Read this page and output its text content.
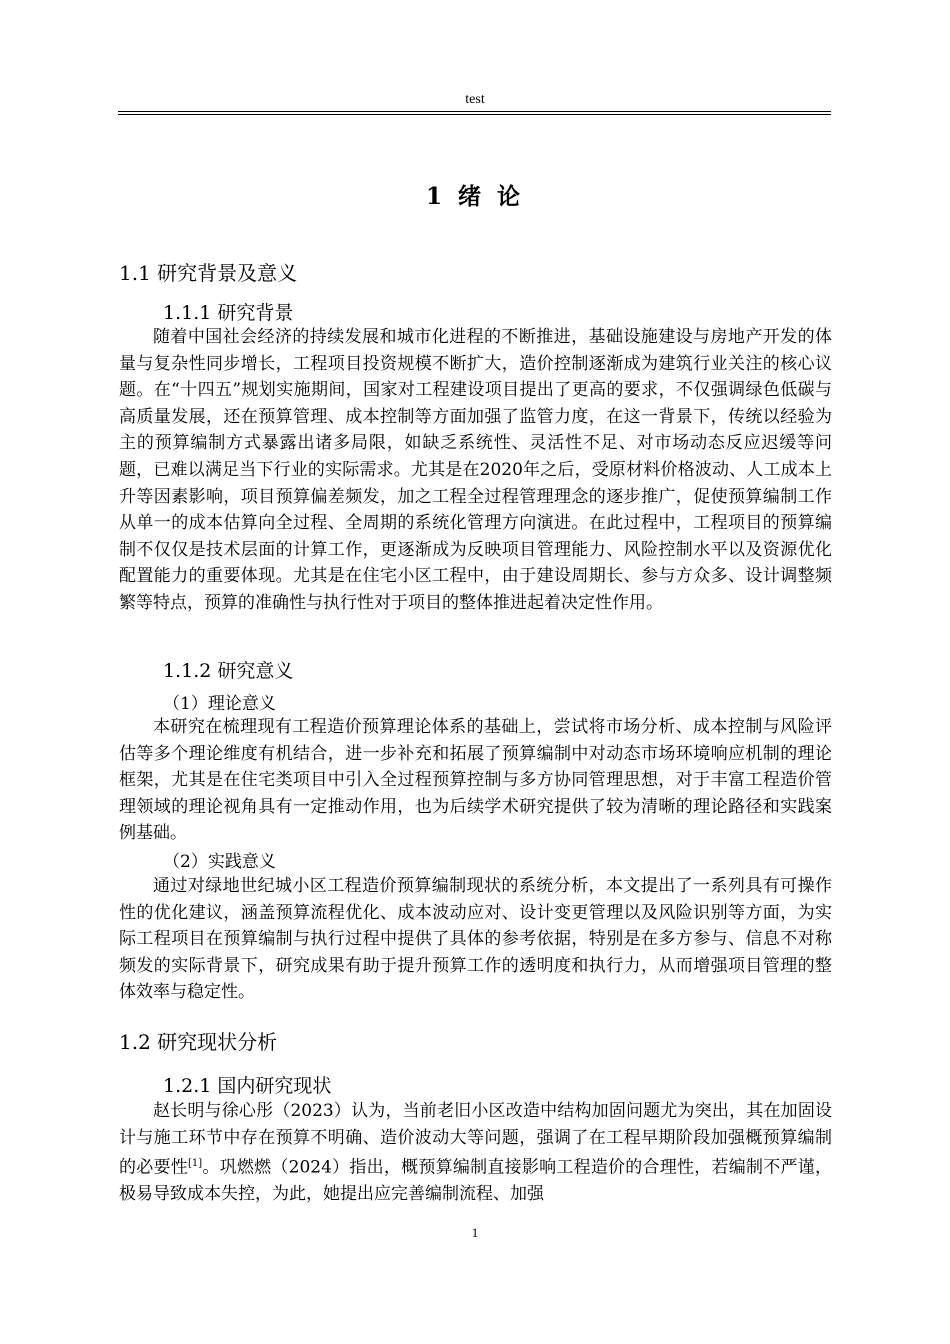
test
1 绪 论
1.1 研究背景及意义
1.1.1 研究背景
随着中国社会经济的持续发展和城市化进程的不断推进，基础设施建设与房地产开发的体量与复杂性同步增长，工程项目投资规模不断扩大，造价控制逐渐成为建筑行业关注的核心议题。在“十四五”规划实施期间，国家对工程建设项目提出了更高的要求，不仅强调绿色低碳与高质量发展，还在预算管理、成本控制等方面加强了监管力度，在这一背景下，传统以经验为主的预算编制方式暴露出诸多局限，如缺乏系统性、灵活性不足、对市场动态反应迟缓等问题，已难以满足当下行业的实际需求。尤其是在2020年之后，受原材料价格波动、人工成本上升等因素影响，项目预算偏差频发，加之工程全过程管理理念的逐步推广，促使预算编制工作从单一的成本估算向全过程、全周期的系统化管理方向演进。在此过程中，工程项目的预算编制不仅仅是技术层面的计算工作，更逐渐成为反映项目管理能力、风险控制水平以及资源优化配置能力的重要体现。尤其是在住宅小区工程中，由于建设周期长、参与方众多、设计调整频繁等特点，预算的准确性与执行性对于项目的整体推进起着决定性作用。
1.1.2 研究意义
（1）理论意义
本研究在梳理现有工程造价预算理论体系的基础上，尝试将市场分析、成本控制与风险评估等多个理论维度有机结合，进一步补充和拓展了预算编制中对动态市场环境响应机制的理论框架，尤其是在住宅类项目中引入全过程预算控制与多方协同管理思想，对于丰富工程造价管理领域的理论视角具有一定推动作用，也为后续学术研究提供了较为清晰的理论路径和实践案例基础。
（2）实践意义
通过对绿地世纪城小区工程造价预算编制现状的系统分析，本文提出了一系列具有可操作性的优化建议，涵盖预算流程优化、成本波动应对、设计变更管理以及风险识别等方面，为实际工程项目在预算编制与执行过程中提供了具体的参考依据，特别是在多方参与、信息不对称频发的实际背景下，研究成果有助于提升预算工作的透明度和执行力，从而增强项目管理的整体效率与稳定性。
1.2 研究现状分析
1.2.1 国内研究现状
赵长明与徐心彤（2023）认为，当前老旧小区改造中结构加固问题尤为突出，其在加固设计与施工环节中存在预算不明确、造价波动大等问题，强调了在工程早期阶段加强概预算编制的必要性[1]。巩燃燃（2024）指出，概预算编制直接影响工程造价的合理性，若编制不严谨，极易导致成本失控，为此，她提出应完善编制流程、加强
1
